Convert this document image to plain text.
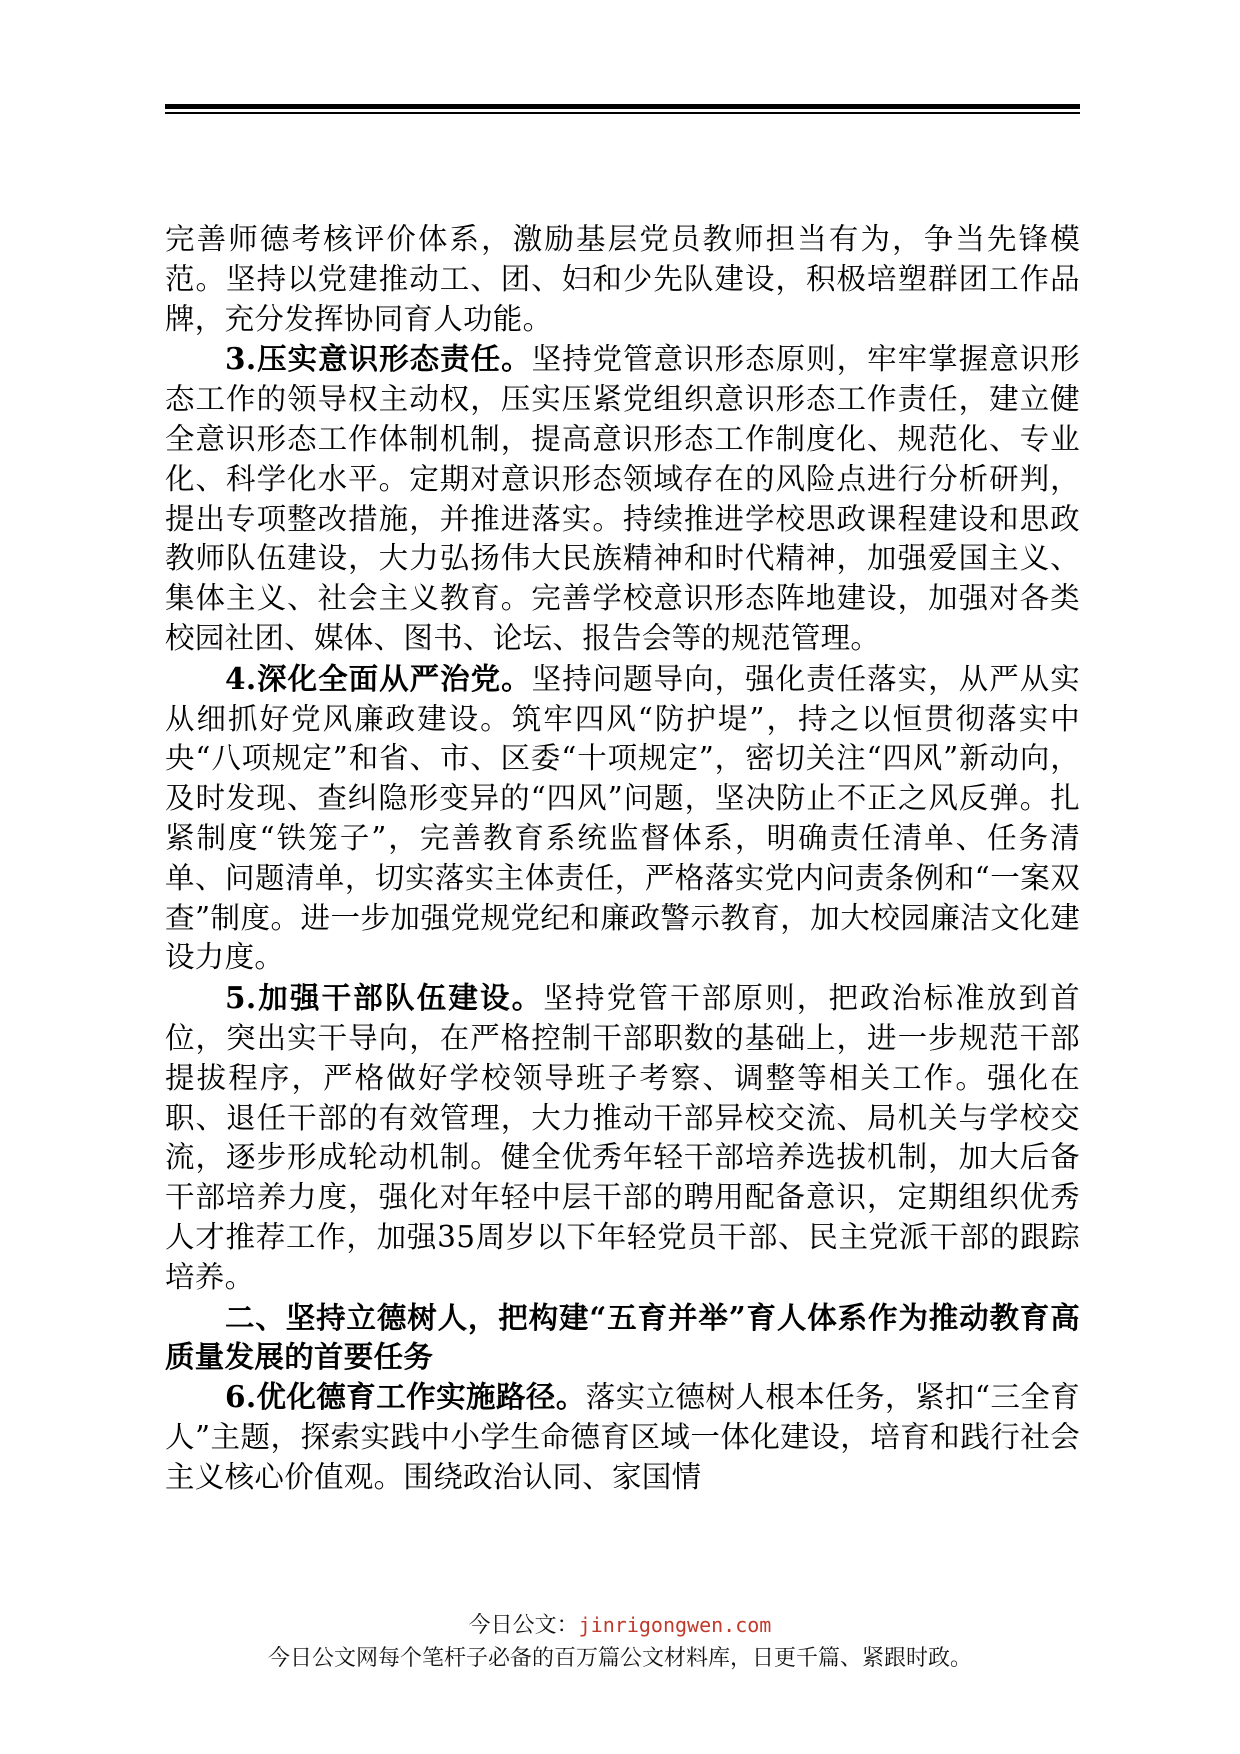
完善师德考核评价体系，激励基层党员教师担当有为，争当先锋模范。坚持以党建推动工、团、妇和少先队建设，积极培塑群团工作品牌，充分发挥协同育人功能。

3.压实意识形态责任。坚持党管意识形态原则，牢牢掌握意识形态工作的领导权主动权，压实压紧党组织意识形态工作责任，建立健全意识形态工作体制机制，提高意识形态工作制度化、规范化、专业化、科学化水平。定期对意识形态领域存在的风险点进行分析研判，提出专项整改措施，并推进落实。持续推进学校思政课程建设和思政教师队伍建设，大力弘扬伟大民族精神和时代精神，加强爱国主义、集体主义、社会主义教育。完善学校意识形态阵地建设，加强对各类校园社团、媒体、图书、论坛、报告会等的规范管理。

4.深化全面从严治党。坚持问题导向，强化责任落实，从严从实从细抓好党风廉政建设。筑牢四风“防护堤”，持之以恒贯彻落实中央“八项规定”和省、市、区委“十项规定”，密切关注“四风”新动向，及时发现、查纠隐形变异的“四风”问题，坚决防止不正之风反弹。扎紧制度“铁笼子”，完善教育系统监督体系，明确责任清单、任务清单、问题清单，切实落实主体责任，严格落实党内问责条例和“一案双查”制度。进一步加强党规党纪和廉政警示教育，加大校园廉洁文化建设力度。

5.加强干部队伍建设。坚持党管干部原则，把政治标准放到首位，突出实干导向，在严格控制干部职数的基础上，进一步规范干部提拔程序，严格做好学校领导班子考察、调整等相关工作。强化在职、退任干部的有效管理，大力推动干部异校交流、局机关与学校交流，逐步形成轮动机制。健全优秀年轻干部培养选拔机制，加大后备干部培养力度，强化对年轻中层干部的聘用配备意识，定期组织优秀人才推荐工作，加强35周岁以下年轻党员干部、民主党派干部的跟踪培养。

二、坚持立德树人，把构建“五育并举”育人体系作为推动教育高质量发展的首要任务

6.优化德育工作实施路径。落实立德树人根本任务，紧扣“三全育人”主题，探索实践中小学生命德育区域一体化建设，培育和践行社会主义核心价值观。围绕政治认同、家国情

今日公文：jinrigongwen.com
今日公文网每个笔杆子必备的百万篇公文材料库，日更千篇、紧跟时政。
